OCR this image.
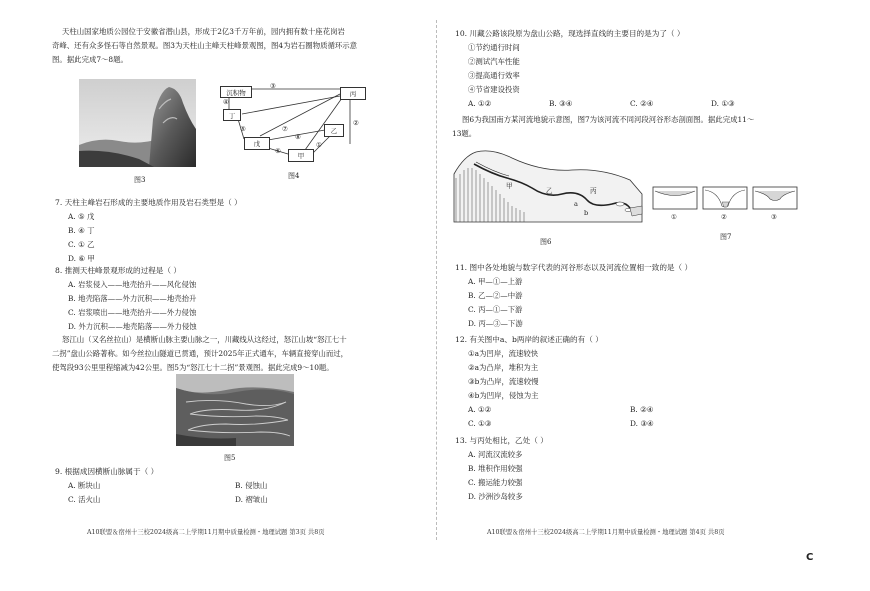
天柱山国家地质公园位于安徽省潜山县，形成于2亿3千万年前，园内拥有数十座花岗岩
奇峰、还有众多怪石等自然景观。图3为天柱山主峰天柱峰景观图，图4为岩石圈物质循环示意
图。据此完成7～8题。
图3
沉积物
丁
戊
甲
乙
丙
③
④
⑤
⑥
⑦
⑧
①
②
图4
7. 天柱主峰岩石形成的主要地质作用及岩石类型是（ ）
A. ⑤ 戊
B. ④ 丁
C. ① 乙
D. ⑥ 甲
8. 推测天柱峰景观形成的过程是（ ）
A. 岩浆侵入——地壳抬升——风化侵蚀
B. 地壳陷落——外力沉积——地壳抬升
C. 岩浆喷出——地壳抬升——外力侵蚀
D. 外力沉积——地壳陷落——外力侵蚀
怒江山（又名丝拉山）是横断山脉主要山脉之一，川藏线从这经过，怒江山坡“怒江七十
二拐”盘山公路著称。如今丝拉山隧道已贯通，预计2025年正式通车，车辆直接穿山而过，
使驾段93公里里程缩减为42公里。图5为“怒江七十二拐”景观图。据此完成9～10题。
图5
9. 根据成因横断山脉属于（ ）
A. 断块山	B. 侵蚀山
C. 活火山	D. 褶皱山
A10联盟＆宿州十三校2024级高二上学期11月期中质量检测・地理试题 第3页 共8页
10. 川藏公路该段原为盘山公路，现选择直线的主要目的是为了（ ）
①节约通行时间
②测试汽车性能
③提高通行效率
④节省建设投资
A. ①②	B. ③④	C. ②④	D. ①③
图6为我国南方某河流地貌示意图，图7为该河流不同河段河谷形态剖面图。据此完成11～
13题。
甲
乙	丙
a
b
图6
①	②	③
图7
11. 图中各处地貌与数字代表的河谷形态以及河流位置相一致的是（ ）
A. 甲—①—上游
B. 乙—②—中游
C. 丙—①—下游
D. 丙—③—下游
12. 有关图中a、b两岸的叙述正确的有（ ）
①a为凹岸，流速较快
②a为凸岸，堆积为主
③b为凸岸，流速较慢
④b为凹岸，侵蚀为主
A. ①②	B. ②④
C. ①③	D. ③④
13. 与丙处相比，乙处（ ）
A. 河流汉流较多
B. 堆积作用较强
C. 搬运能力较强
D. 沙洲沙岛较多
A10联盟＆宿州十三校2024级高二上学期11月期中质量检测・地理试题 第4页 共8页
C
